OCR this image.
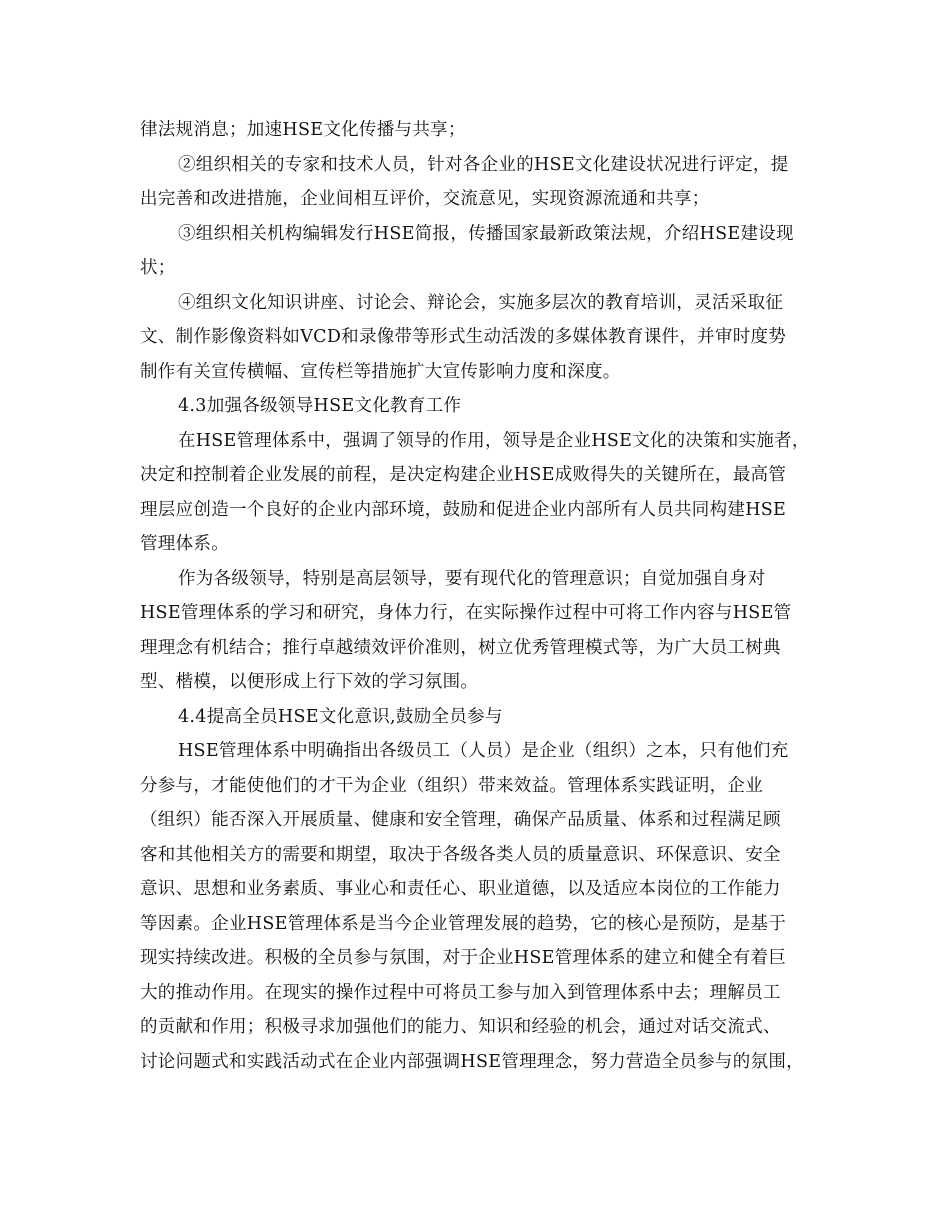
律法规消息；加速HSE文化传播与共享；
②组织相关的专家和技术人员，针对各企业的HSE文化建设状况进行评定，提
出完善和改进措施，企业间相互评价，交流意见，实现资源流通和共享；
③组织相关机构编辑发行HSE简报，传播国家最新政策法规，介绍HSE建设现
状；
④组织文化知识讲座、讨论会、辩论会，实施多层次的教育培训，灵活采取征
文、制作影像资料如VCD和录像带等形式生动活泼的多媒体教育课件，并审时度势
制作有关宣传横幅、宣传栏等措施扩大宣传影响力度和深度。
4.3加强各级领导HSE文化教育工作
在HSE管理体系中，强调了领导的作用，领导是企业HSE文化的决策和实施者，
决定和控制着企业发展的前程，是决定构建企业HSE成败得失的关键所在，最高管
理层应创造一个良好的企业内部环境，鼓励和促进企业内部所有人员共同构建HSE
管理体系。
作为各级领导，特别是高层领导，要有现代化的管理意识；自觉加强自身对
HSE管理体系的学习和研究，身体力行，在实际操作过程中可将工作内容与HSE管
理理念有机结合；推行卓越绩效评价准则，树立优秀管理模式等，为广大员工树典
型、楷模，以便形成上行下效的学习氛围。
4.4提高全员HSE文化意识,鼓励全员参与
HSE管理体系中明确指出各级员工（人员）是企业（组织）之本，只有他们充
分参与，才能使他们的才干为企业（组织）带来效益。管理体系实践证明，企业
（组织）能否深入开展质量、健康和安全管理，确保产品质量、体系和过程满足顾
客和其他相关方的需要和期望，取决于各级各类人员的质量意识、环保意识、安全
意识、思想和业务素质、事业心和责任心、职业道德，以及适应本岗位的工作能力
等因素。企业HSE管理体系是当今企业管理发展的趋势，它的核心是预防，是基于
现实持续改进。积极的全员参与氛围，对于企业HSE管理体系的建立和健全有着巨
大的推动作用。在现实的操作过程中可将员工参与加入到管理体系中去；理解员工
的贡献和作用；积极寻求加强他们的能力、知识和经验的机会，通过对话交流式、
讨论问题式和实践活动式在企业内部强调HSE管理理念，努力营造全员参与的氛围，
